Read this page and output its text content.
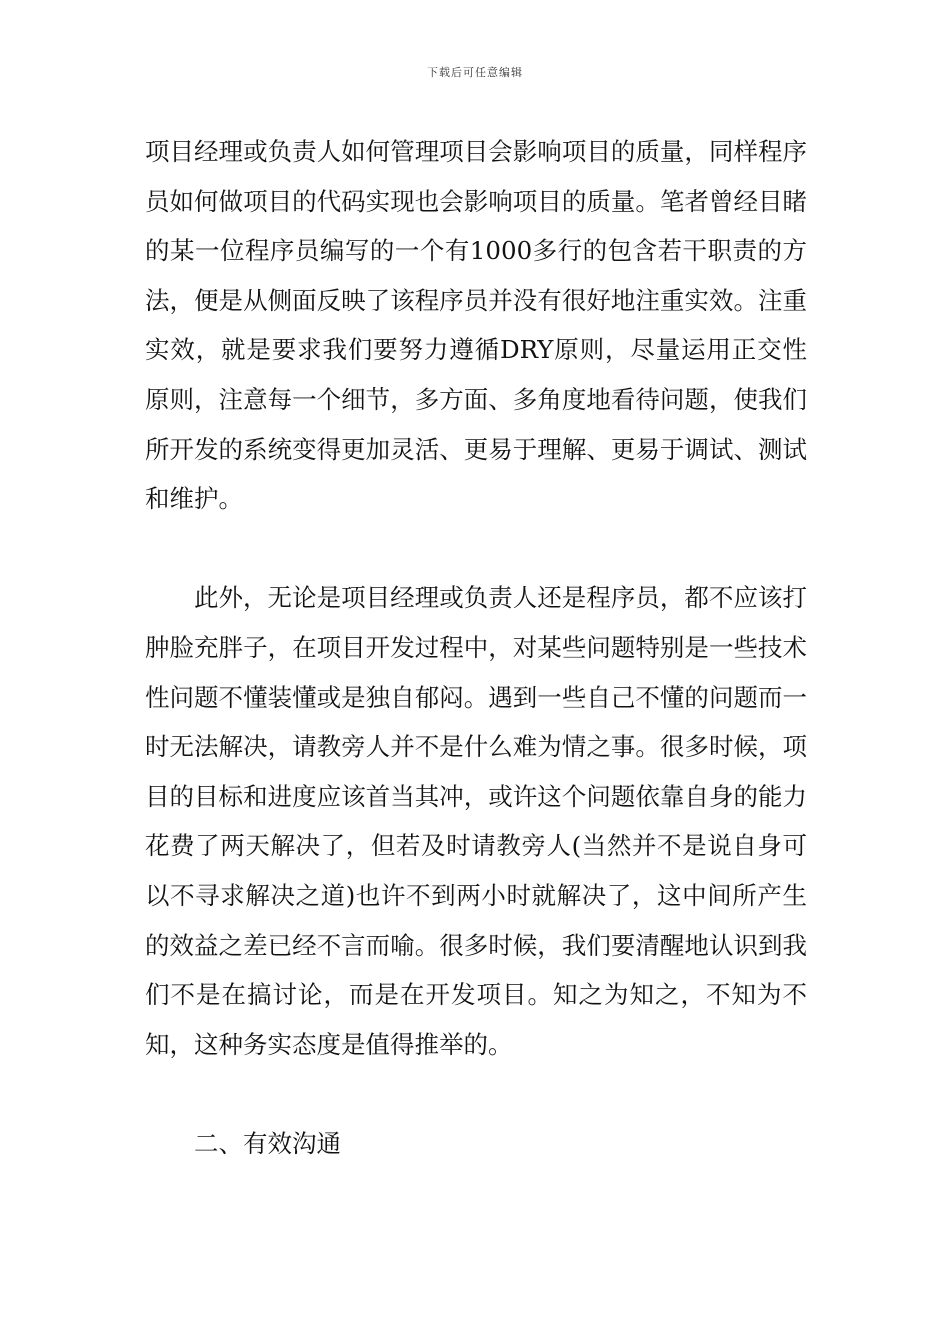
下载后可任意编辑

项目经理或负责人如何管理项目会影响项目的质量，同样程序员如何做项目的代码实现也会影响项目的质量。笔者曾经目睹的某一位程序员编写的一个有1000多行的包含若干职责的方法，便是从侧面反映了该程序员并没有很好地注重实效。注重实效，就是要求我们要努力遵循DRY原则，尽量运用正交性原则，注意每一个细节，多方面、多角度地看待问题，使我们所开发的系统变得更加灵活、更易于理解、更易于调试、测试和维护。

此外，无论是项目经理或负责人还是程序员，都不应该打肿脸充胖子，在项目开发过程中，对某些问题特别是一些技术性问题不懂装懂或是独自郁闷。遇到一些自己不懂的问题而一时无法解决，请教旁人并不是什么难为情之事。很多时候，项目的目标和进度应该首当其冲，或许这个问题依靠自身的能力花费了两天解决了，但若及时请教旁人(当然并不是说自身可以不寻求解决之道)也许不到两小时就解决了，这中间所产生的效益之差已经不言而喻。很多时候，我们要清醒地认识到我们不是在搞讨论，而是在开发项目。知之为知之，不知为不知，这种务实态度是值得推举的。

二、有效沟通
